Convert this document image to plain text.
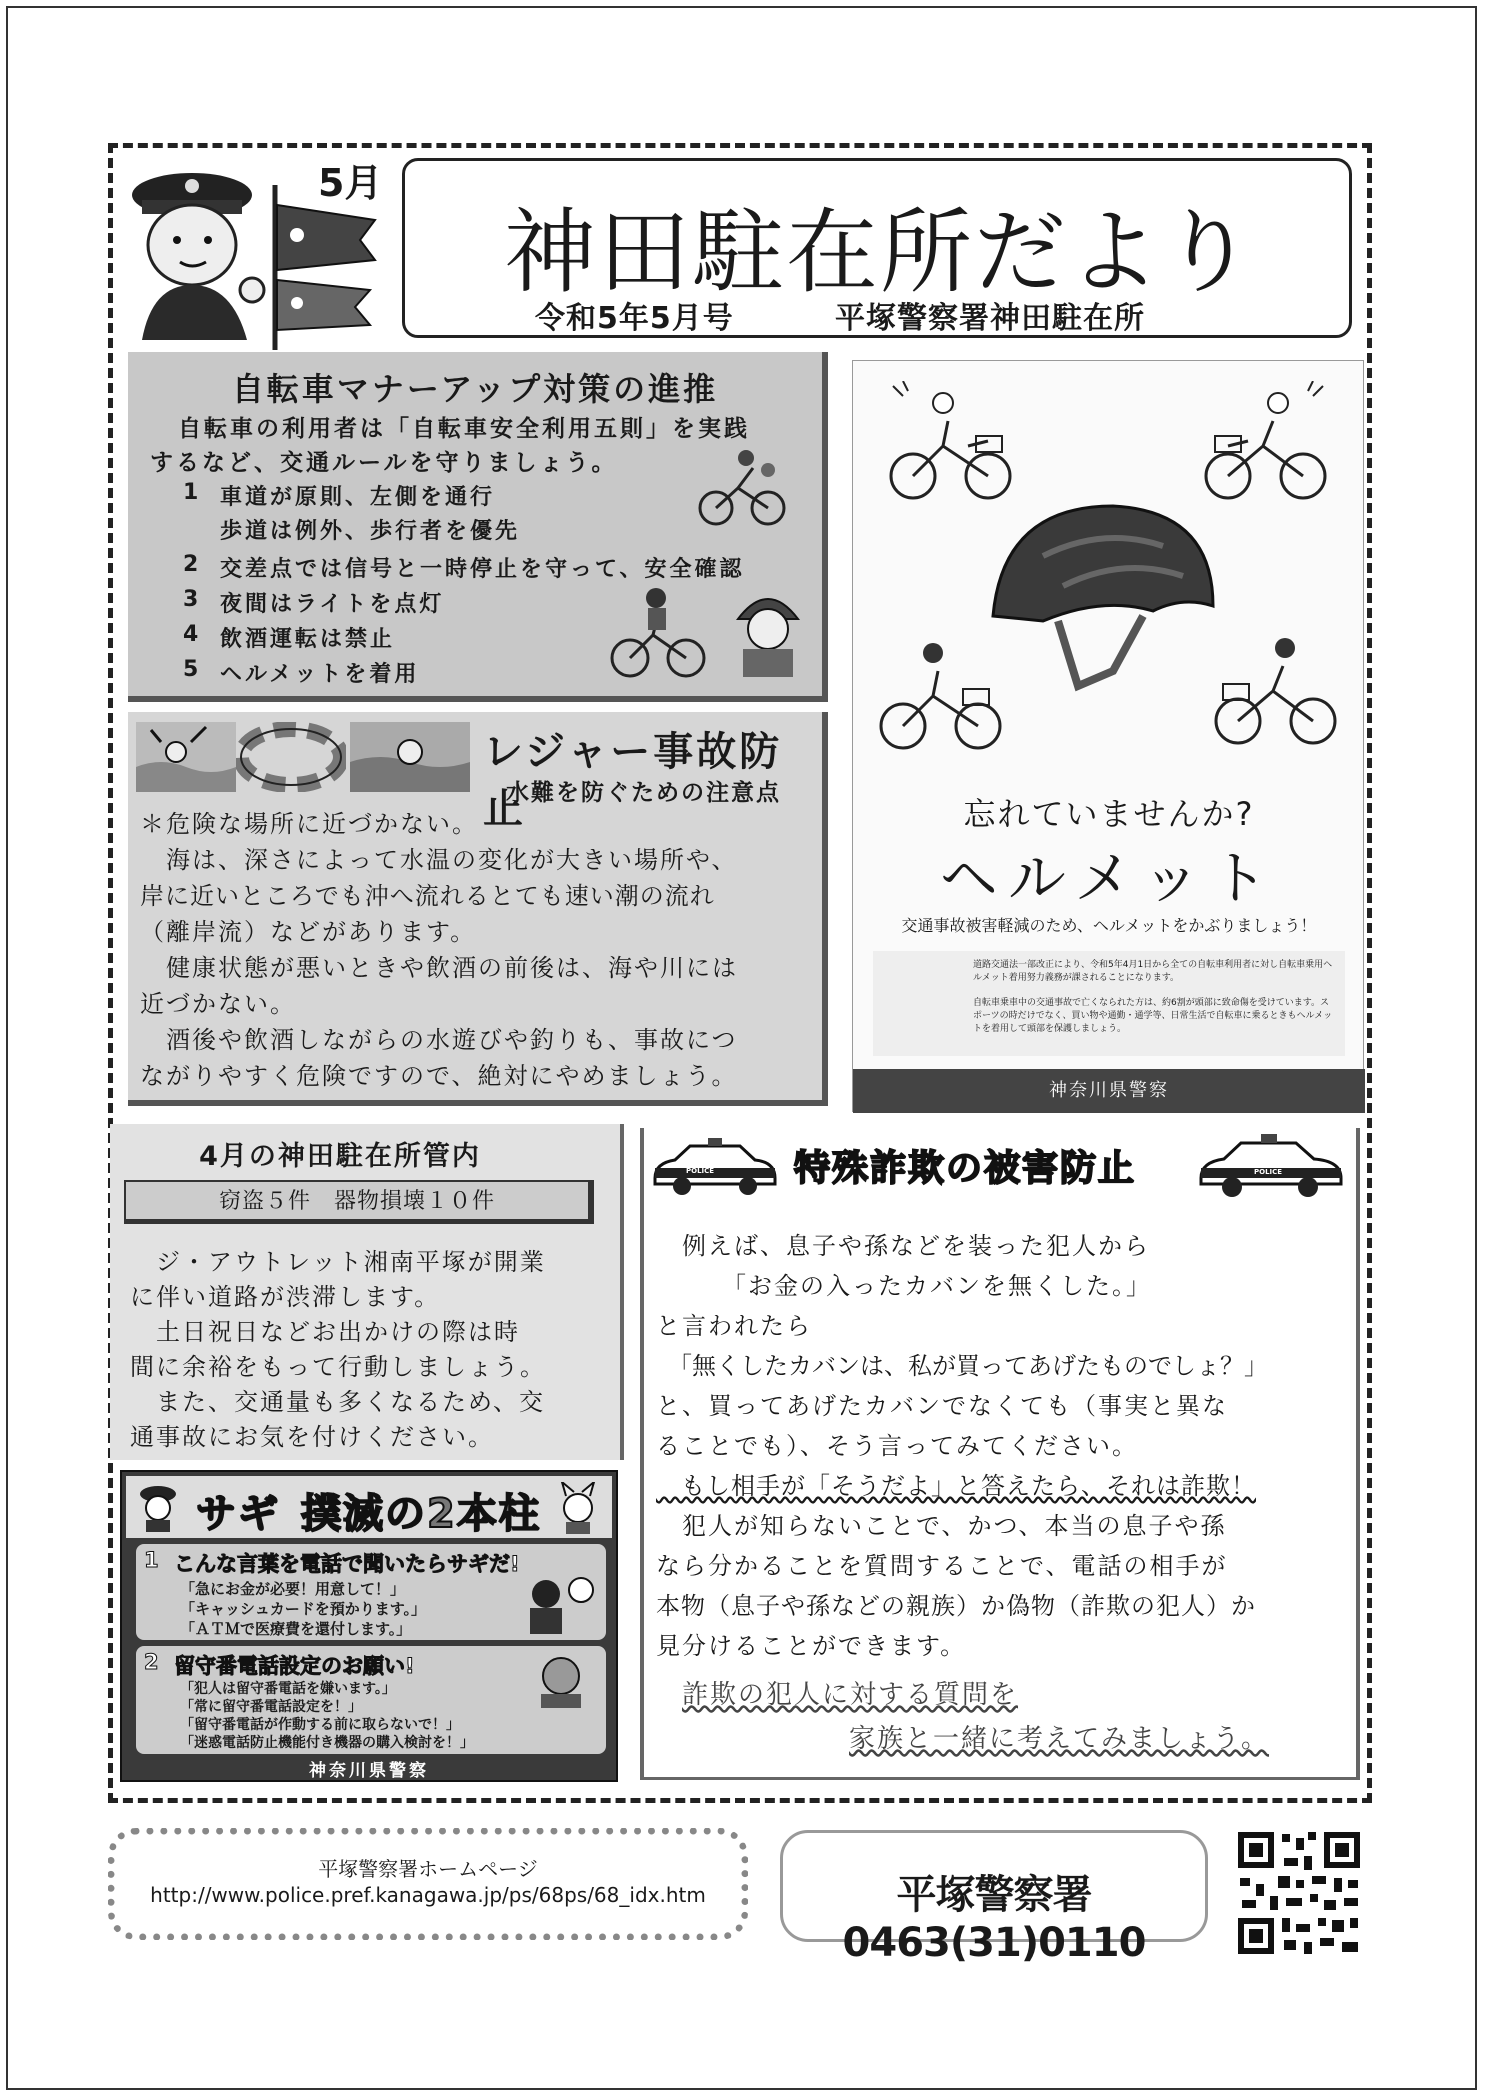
5月
神田駐在所だより
令和5年5月号	平塚警察署神田駐在所
自転車マナーアップ対策の進推
自転車の利用者は「自転車安全利用五則」を実践
するなど、交通ルールを守りましょう。
1 車道が原則、左側を通行
歩道は例外、歩行者を優先
2 交差点では信号と一時停止を守って、安全確認
3 夜間はライトを点灯
4 飲酒運転は禁止
5 ヘルメットを着用
レジャー事故防止
水難を防ぐための注意点
＊危険な場所に近づかない。
　海は、深さによって水温の変化が大きい場所や、
岸に近いところでも沖へ流れるとても速い潮の流れ
（離岸流）などがあります。
　健康状態が悪いときや飲酒の前後は、海や川には
近づかない。
　酒後や飲酒しながらの水遊びや釣りも、事故につ
ながりやすく危険ですので、絶対にやめましょう。
忘れていませんか?
ヘルメット
交通事故被害軽減のため、ヘルメットをかぶりましょう！
道路交通法一部改正により、令和5年4月1日から全ての自転車利用者に対し自転車乗用ヘルメット着用努力義務が課されることになります。
自転車乗車中の交通事故で亡くなられた方は、約6割が頭部に致命傷を受けています。スポーツの時だけでなく、買い物や通勤・通学等、日常生活で自転車に乗るときもヘルメットを着用して頭部を保護しましょう。
神奈川県警察
4月の神田駐在所管内
窃盗５件　器物損壊１０件
　ジ・アウトレット湘南平塚が開業
に伴い道路が渋滞します。
　土日祝日などお出かけの際は時
間に余裕をもって行動しましょう。
　また、交通量も多くなるため、交
通事故にお気を付けください。
サギ 撲滅の2本柱
1 こんな言葉を電話で聞いたらサギだ!
「急にお金が必要！用意して！」
「キャッシュカードを預かります。」
「ＡＴＭで医療費を還付します。」
2 留守番電話設定のお願い!
「犯人は留守番電話を嫌います。」
「常に留守番電話設定を！」
「留守番電話が作動する前に取らないで！」
「迷惑電話防止機能付き機器の購入検討を！」
神奈川県警察
POLICE 特殊詐欺の被害防止	POLICE
　例えば、息子や孫などを装った犯人から
　　　「お金の入ったカバンを無くした。」
と言われたら
　「無くしたカバンは、私が買ってあげたものでしょ？」
と、買ってあげたカバンでなくても（事実と異な
ることでも）、そう言ってみてください。
　もし相手が「そうだよ」と答えたら、それは詐欺！
　犯人が知らないことで、かつ、本当の息子や孫
なら分かることを質問することで、電話の相手が
本物（息子や孫などの親族）か偽物（詐欺の犯人）か
見分けることができます。
詐欺の犯人に対する質問を
家族と一緒に考えてみましょう。
平塚警察署ホームページ
http://www.police.pref.kanagawa.jp/ps/68ps/68_idx.htm	平塚警察署 0463(31)0110
